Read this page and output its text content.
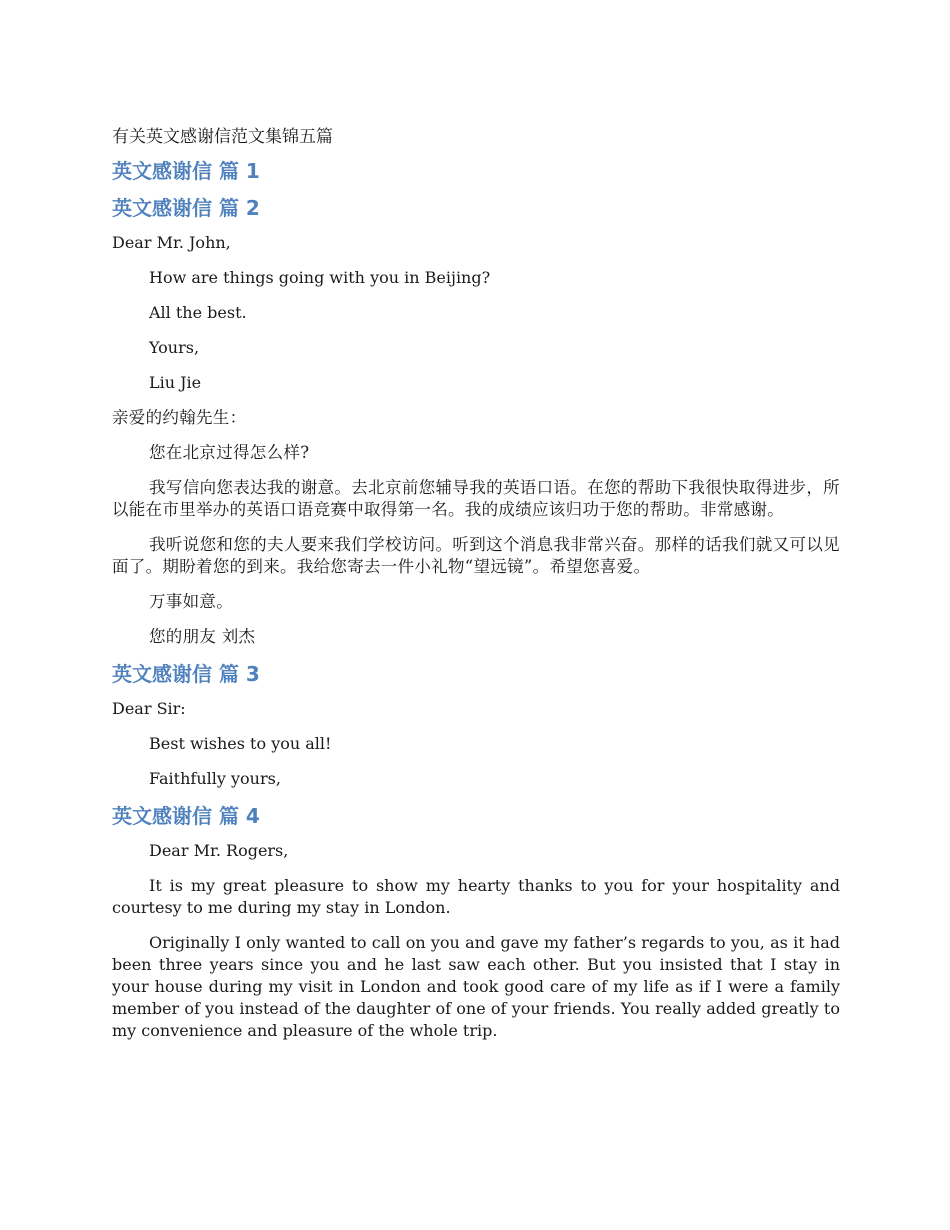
有关英文感谢信范文集锦五篇
英文感谢信 篇 1
英文感谢信 篇 2
Dear Mr. John,
How are things going with you in Beijing?
All the best.
Yours,
Liu Jie
亲爱的约翰先生：
您在北京过得怎么样?
我写信向您表达我的谢意。去北京前您辅导我的英语口语。在您的帮助下我很快取得进步，所以能在市里举办的英语口语竞赛中取得第一名。我的成绩应该归功于您的帮助。非常感谢。
我听说您和您的夫人要来我们学校访问。听到这个消息我非常兴奋。那样的话我们就又可以见面了。期盼着您的到来。我给您寄去一件小礼物“望远镜”。希望您喜爱。
万事如意。
您的朋友 刘杰
英文感谢信 篇 3
Dear Sir:
Best wishes to you all!
Faithfully yours,
英文感谢信 篇 4
Dear Mr. Rogers,
It is my great pleasure to show my hearty thanks to you for your hospitality and courtesy to me during my stay in London.
Originally I only wanted to call on you and gave my father’s regards to you, as it had been three years since you and he last saw each other. But you insisted that I stay in your house during my visit in London and took good care of my life as if I were a family member of you instead of the daughter of one of your friends. You really added greatly to my convenience and pleasure of the whole trip.
